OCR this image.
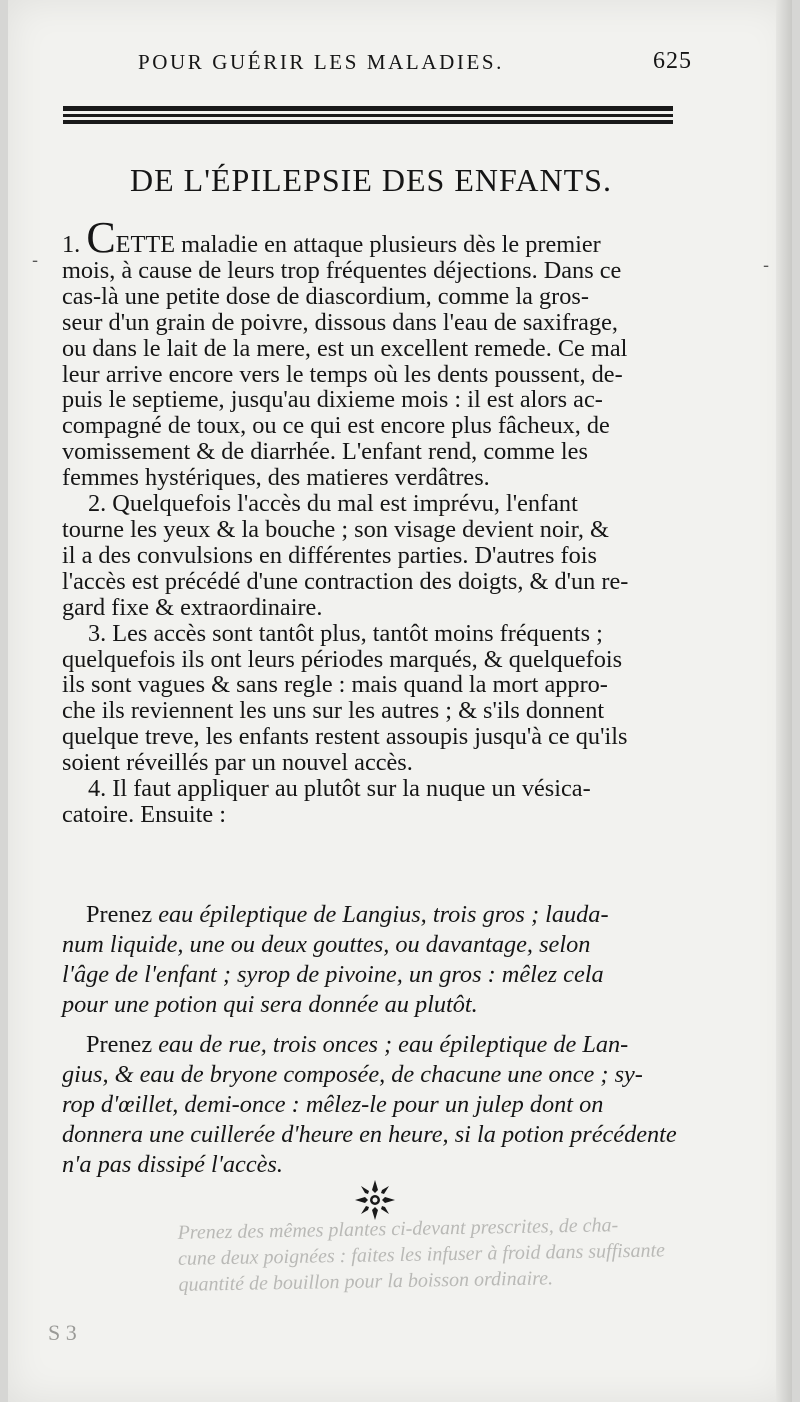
POUR GUÉRIR LES MALADIES.	625
DE L'ÉPILEPSIE DES ENFANTS.
1. CETTE maladie en attaque plusieurs dès le premier
mois, à cause de leurs trop fréquentes déjections. Dans ce
cas-là une petite dose de diascordium, comme la gros-
seur d'un grain de poivre, dissous dans l'eau de saxifrage,
ou dans le lait de la mere, est un excellent remede. Ce mal
leur arrive encore vers le temps où les dents poussent, de-
puis le septieme, jusqu'au dixieme mois : il est alors ac-
compagné de toux, ou ce qui est encore plus fâcheux, de
vomissement & de diarrhée. L'enfant rend, comme les
femmes hystériques, des matieres verdâtres.
2. Quelquefois l'accès du mal est imprévu, l'enfant
tourne les yeux & la bouche ; son visage devient noir, &
il a des convulsions en différentes parties. D'autres fois
l'accès est précédé d'une contraction des doigts, & d'un re-
gard fixe & extraordinaire.
3. Les accès sont tantôt plus, tantôt moins fréquents ;
quelquefois ils ont leurs périodes marqués, & quelquefois
ils sont vagues & sans regle : mais quand la mort appro-
che ils reviennent les uns sur les autres ; & s'ils donnent
quelque treve, les enfants restent assoupis jusqu'à ce qu'ils
soient réveillés par un nouvel accès.
4. Il faut appliquer au plutôt sur la nuque un vésica-
catoire. Ensuite :
Prenez eau épileptique de Langius, trois gros ; lauda-
num liquide, une ou deux gouttes, ou davantage, selon
l'âge de l'enfant ; syrop de pivoine, un gros : mêlez cela
pour une potion qui sera donnée au plutôt.
Prenez eau de rue, trois onces ; eau épileptique de Lan-
gius, & eau de bryone composée, de chacune une once ; sy-
rop d'œillet, demi-once : mêlez-le pour un julep dont on
donnera une cuillerée d'heure en heure, si la potion précédente
n'a pas dissipé l'accès.
Prenez des mêmes plantes ci-devant prescrites, de cha-
cune deux poignées : faites les infuser à froid dans suffisante
quantité de bouillon pour la boisson ordinaire.
S 3
-	-
